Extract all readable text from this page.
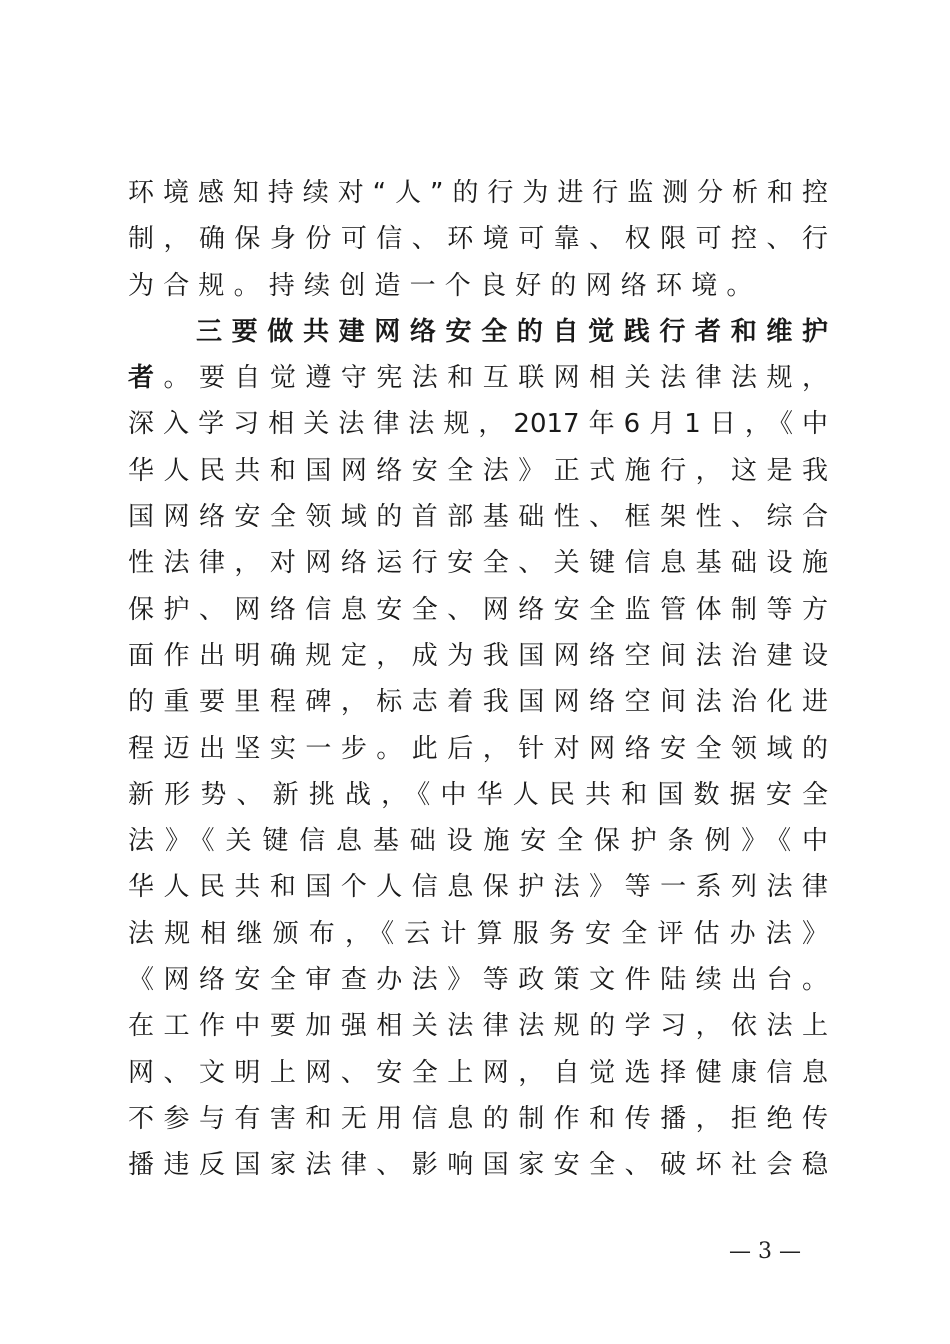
环境感知持续对“人”的行为进行监测分析和控
制，确保身份可信、环境可靠、权限可控、行
为合规。持续创造一个良好的网络环境。
三要做共建网络安全的自觉践行者和维护
者。要自觉遵守宪法和互联网相关法律法规，
深入学习相关法律法规，2017年6月1日，《中
华人民共和国网络安全法》正式施行，这是我
国网络安全领域的首部基础性、框架性、综合
性法律，对网络运行安全、关键信息基础设施
保护、网络信息安全、网络安全监管体制等方
面作出明确规定，成为我国网络空间法治建设
的重要里程碑，标志着我国网络空间法治化进
程迈出坚实一步。此后，针对网络安全领域的
新形势、新挑战，《中华人民共和国数据安全
法》《关键信息基础设施安全保护条例》《中
华人民共和国个人信息保护法》等一系列法律
法规相继颁布，《云计算服务安全评估办法》
《网络安全审查办法》等政策文件陆续出台。
在工作中要加强相关法律法规的学习，依法上
网、文明上网、安全上网，自觉选择健康信息
不参与有害和无用信息的制作和传播，拒绝传
播违反国家法律、影响国家安全、破坏社会稳
— 3 —
